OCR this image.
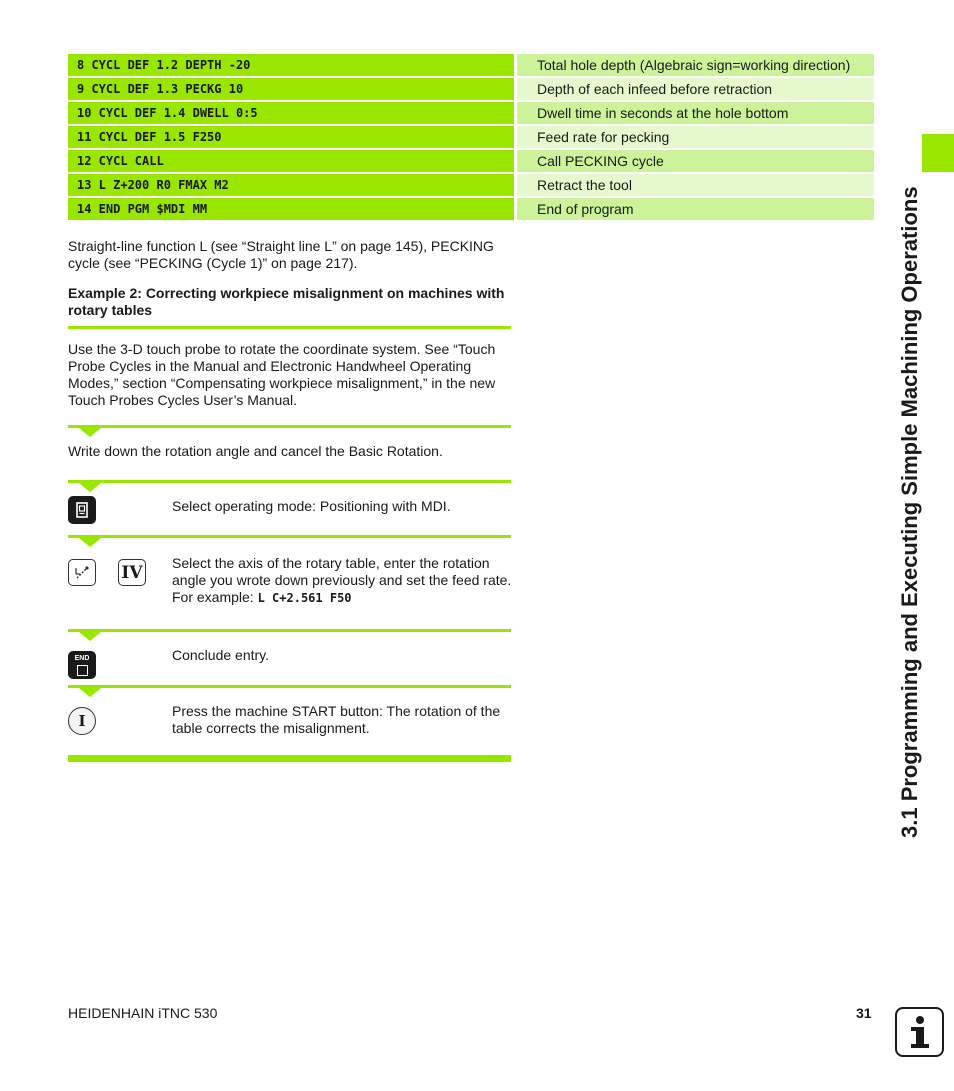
8 CYCL DEF 1.2 DEPTH -20	Total hole depth (Algebraic sign=working direction)
9 CYCL DEF 1.3 PECKG 10	Depth of each infeed before retraction
10 CYCL DEF 1.4 DWELL 0:5	Dwell time in seconds at the hole bottom
11 CYCL DEF 1.5 F250	Feed rate for pecking
12 CYCL CALL	Call PECKING cycle
13 L Z+200 R0 FMAX M2	Retract the tool
14 END PGM $MDI MM	End of program
Straight-line function L (see “Straight line L” on page 145), PECKING cycle (see “PECKING (Cycle 1)” on page 217).
Example 2: Correcting workpiece misalignment on machines with rotary tables
Use the 3-D touch probe to rotate the coordinate system. See “Touch Probe Cycles in the Manual and Electronic Handwheel Operating Modes,” section “Compensating workpiece misalignment,” in the new Touch Probes Cycles User’s Manual.
Write down the rotation angle and cancel the Basic Rotation.
Select operating mode: Positioning with MDI.
IV Select the axis of the rotary table, enter the rotation angle you wrote down previously and set the feed rate. For example: L C+2.561 F50
END	Conclude entry.
I
Press the machine START button: The rotation of the table corrects the misalignment.	3.1 Programming and Executing Simple Machining Operations
HEIDENHAIN iTNC 530	31
